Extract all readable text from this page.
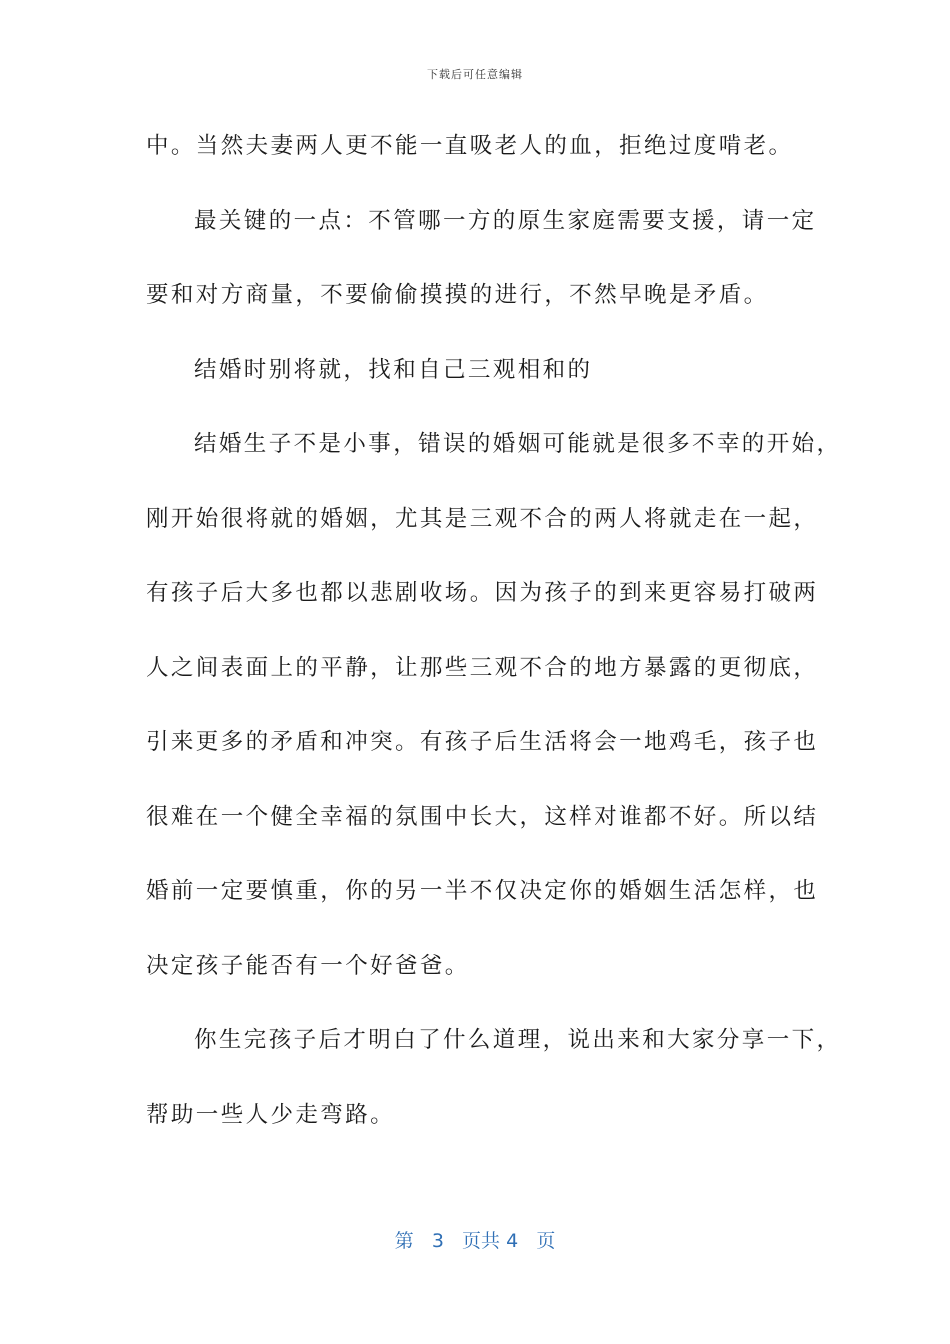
下载后可任意编辑
中。当然夫妻两人更不能一直吸老人的血，拒绝过度啃老。
最关键的一点：不管哪一方的原生家庭需要支援，请一定
要和对方商量，不要偷偷摸摸的进行，不然早晚是矛盾。
结婚时别将就，找和自己三观相和的
结婚生子不是小事，错误的婚姻可能就是很多不幸的开始，
刚开始很将就的婚姻，尤其是三观不合的两人将就走在一起，
有孩子后大多也都以悲剧收场。因为孩子的到来更容易打破两
人之间表面上的平静，让那些三观不合的地方暴露的更彻底，
引来更多的矛盾和冲突。有孩子后生活将会一地鸡毛，孩子也
很难在一个健全幸福的氛围中长大，这样对谁都不好。所以结
婚前一定要慎重，你的另一半不仅决定你的婚姻生活怎样，也
决定孩子能否有一个好爸爸。
你生完孩子后才明白了什么道理，说出来和大家分享一下，
帮助一些人少走弯路。
第 3 页共 4 页
